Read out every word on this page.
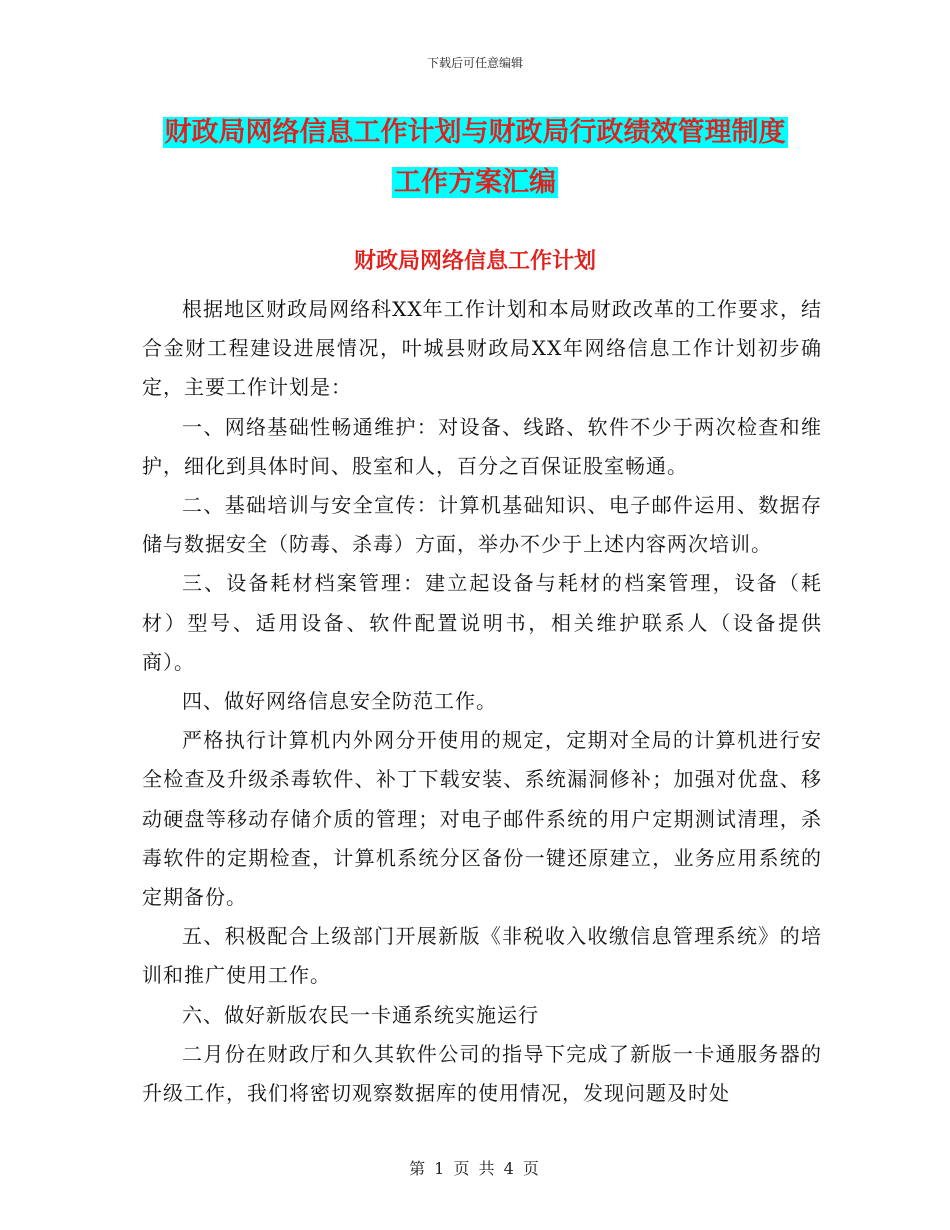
下载后可任意编辑
财政局网络信息工作计划与财政局行政绩效管理制度
工作方案汇编
财政局网络信息工作计划

根据地区财政局网络科XX年工作计划和本局财政改革的工作要求，结合金财工程建设进展情况，叶城县财政局XX年网络信息工作计划初步确定，主要工作计划是：

一、网络基础性畅通维护：对设备、线路、软件不少于两次检查和维护，细化到具体时间、股室和人，百分之百保证股室畅通。

二、基础培训与安全宣传：计算机基础知识、电子邮件运用、数据存储与数据安全（防毒、杀毒）方面，举办不少于上述内容两次培训。

三、设备耗材档案管理：建立起设备与耗材的档案管理，设备（耗材）型号、适用设备、软件配置说明书，相关维护联系人（设备提供商）。

四、做好网络信息安全防范工作。

严格执行计算机内外网分开使用的规定，定期对全局的计算机进行安全检查及升级杀毒软件、补丁下载安装、系统漏洞修补；加强对优盘、移动硬盘等移动存储介质的管理；对电子邮件系统的用户定期测试清理，杀毒软件的定期检查，计算机系统分区备份一键还原建立，业务应用系统的定期备份。

五、积极配合上级部门开展新版《非税收入收缴信息管理系统》的培训和推广使用工作。

六、做好新版农民一卡通系统实施运行

二月份在财政厅和久其软件公司的指导下完成了新版一卡通服务器的升级工作，我们将密切观察数据库的使用情况，发现问题及时处

第 1 页 共 4 页
